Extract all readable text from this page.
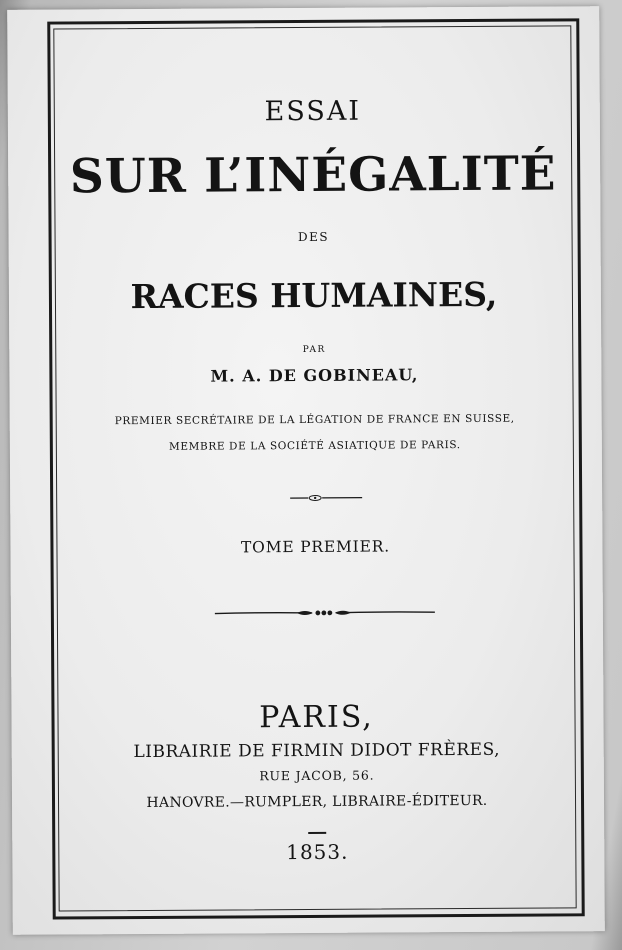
ESSAI
SUR L’INÉGALITÉ
DES
RACES HUMAINES,
PAR
M. A. DE GOBINEAU,
PREMIER SECRÉTAIRE DE LA LÉGATION DE FRANCE EN SUISSE,
MEMBRE DE LA SOCIÉTÉ ASIATIQUE DE PARIS.
TOME PREMIER.
PARIS,
LIBRAIRIE DE FIRMIN DIDOT FRÈRES,
RUE JACOB, 56.
HANOVRE.—RUMPLER, LIBRAIRE-ÉDITEUR.
1853.
